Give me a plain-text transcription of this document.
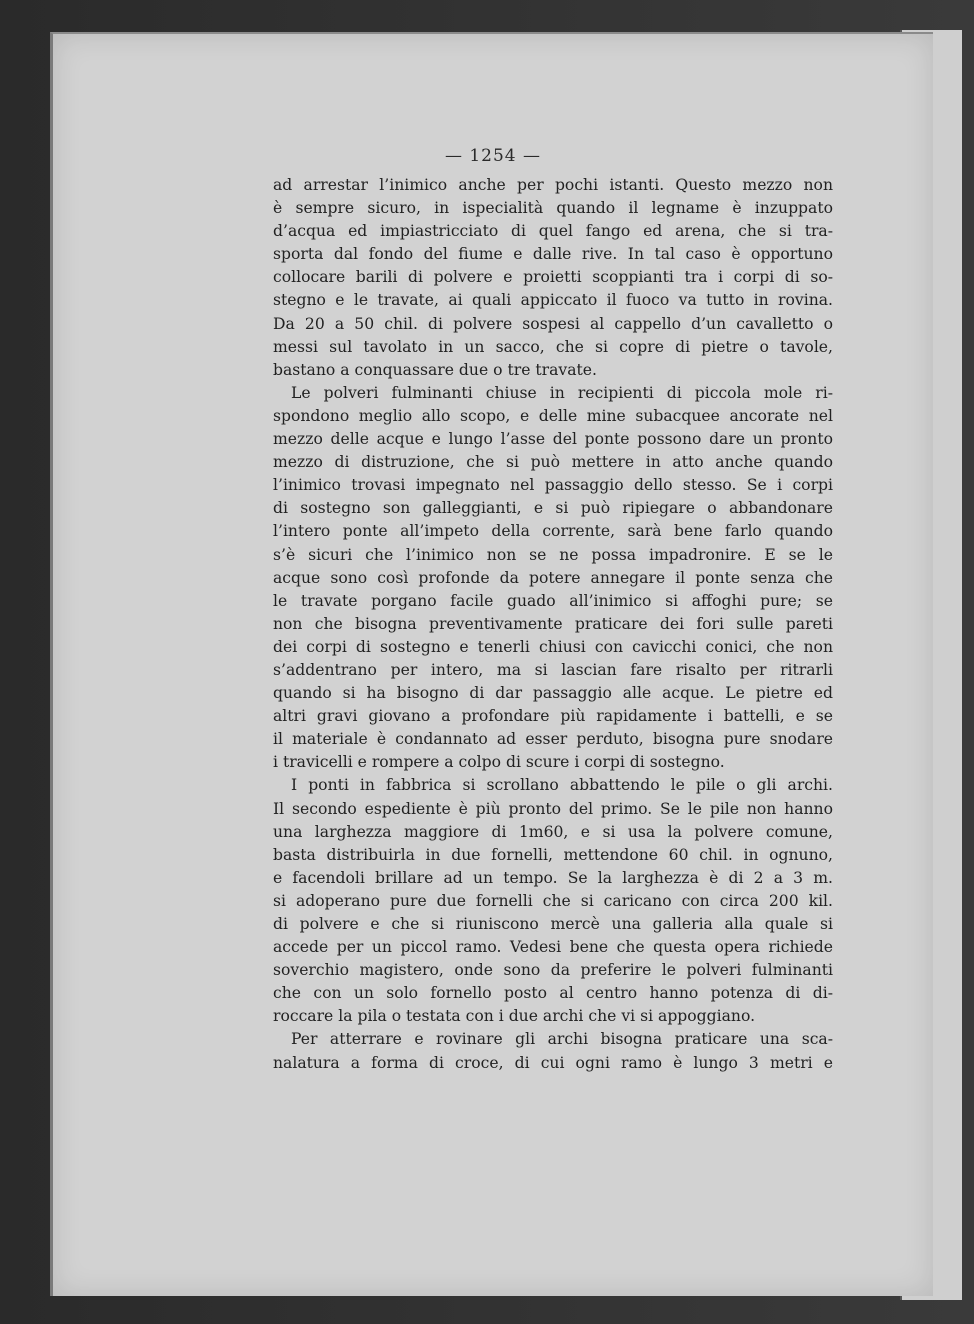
— 1254 —
ad arrestar l’inimico anche per pochi istanti. Questo mezzo non
è sempre sicuro, in ispecialità quando il legname è inzuppato
d’acqua ed impiastricciato di quel fango ed arena, che si tra-
sporta dal fondo del fiume e dalle rive. In tal caso è opportuno
collocare barili di polvere e proietti scoppianti tra i corpi di so-
stegno e le travate, ai quali appiccato il fuoco va tutto in rovina.
Da 20 a 50 chil. di polvere sospesi al cappello d’un cavalletto o
messi sul tavolato in un sacco, che si copre di pietre o tavole,
bastano a conquassare due o tre travate.
Le polveri fulminanti chiuse in recipienti di piccola mole ri-
spondono meglio allo scopo, e delle mine subacquee ancorate nel
mezzo delle acque e lungo l’asse del ponte possono dare un pronto
mezzo di distruzione, che si può mettere in atto anche quando
l’inimico trovasi impegnato nel passaggio dello stesso. Se i corpi
di sostegno son galleggianti, e si può ripiegare o abbandonare
l’intero ponte all’impeto della corrente, sarà bene farlo quando
s’è sicuri che l’inimico non se ne possa impadronire. E se le
acque sono così profonde da potere annegare il ponte senza che
le travate porgano facile guado all’inimico si affoghi pure; se
non che bisogna preventivamente praticare dei fori sulle pareti
dei corpi di sostegno e tenerli chiusi con cavicchi conici, che non
s’addentrano per intero, ma si lascian fare risalto per ritrarli
quando si ha bisogno di dar passaggio alle acque. Le pietre ed
altri gravi giovano a profondare più rapidamente i battelli, e se
il materiale è condannato ad esser perduto, bisogna pure snodare
i travicelli e rompere a colpo di scure i corpi di sostegno.
I ponti in fabbrica si scrollano abbattendo le pile o gli archi.
Il secondo espediente è più pronto del primo. Se le pile non hanno
una larghezza maggiore di 1m60, e si usa la polvere comune,
basta distribuirla in due fornelli, mettendone 60 chil. in ognuno,
e facendoli brillare ad un tempo. Se la larghezza è di 2 a 3 m.
si adoperano pure due fornelli che si caricano con circa 200 kil.
di polvere e che si riuniscono mercè una galleria alla quale si
accede per un piccol ramo. Vedesi bene che questa opera richiede
soverchio magistero, onde sono da preferire le polveri fulminanti
che con un solo fornello posto al centro hanno potenza di di-
roccare la pila o testata con i due archi che vi si appoggiano.
Per atterrare e rovinare gli archi bisogna praticare una sca-
nalatura a forma di croce, di cui ogni ramo è lungo 3 metri e
